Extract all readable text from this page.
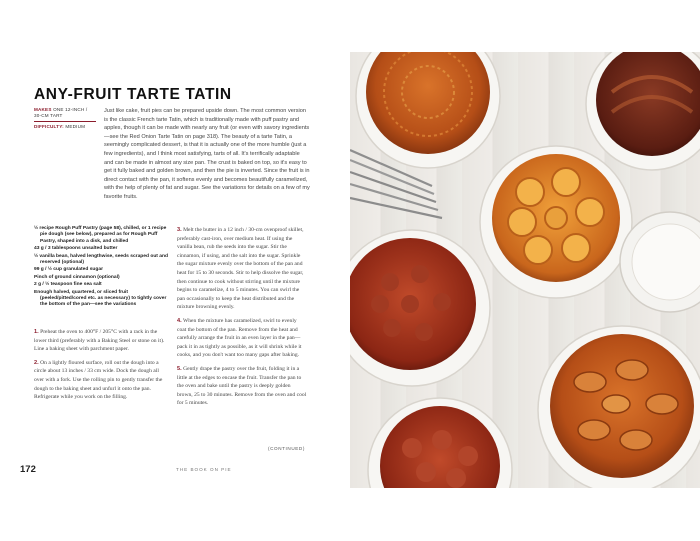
ANY-FRUIT TARTE TATIN
MAKES ONE 12-INCH / 30-CM TART
DIFFICULTY: MEDIUM
Just like cake, fruit pies can be prepared upside down. The most common version is the classic French tarte Tatin, which is traditionally made with puff pastry and apples, though it can be made with nearly any fruit (or even with savory ingredients—see the Red Onion Tarte Tatin on page 318). The beauty of a tarte Tatin, a seemingly complicated dessert, is that it is actually one of the more humble (just a few ingredients), and I think most satisfying, tarts of all. It's terrifically adaptable and can be made in almost any size pan. The crust is baked on top, so it's easy to get it fully baked and golden brown, and then the pie is inverted. Since the fruit is in direct contact with the pan, it softens evenly and becomes beautifully caramelized, with the help of plenty of fat and sugar. See the variations for details on a few of my favorite fruits.
½ recipe Rough Puff Pastry (page 58), chilled, or 1 recipe pie dough (see below), prepared as for Rough Puff Pastry, shaped into a disk, and chilled
43 g / 3 tablespoons unsalted butter
½ vanilla bean, halved lengthwise, seeds scraped out and reserved (optional)
99 g / ½ cup granulated sugar
Pinch of ground cinnamon (optional)
2 g / ½ teaspoon fine sea salt
Enough halved, quartered, or sliced fruit (peeled/pitted/cored etc. as necessary) to tightly cover the bottom of the pan—see the variations
1. Preheat the oven to 400°F / 205°C with a rack in the lower third (preferably with a Baking Steel or stone on it). Line a baking sheet with parchment paper.
2. On a lightly floured surface, roll out the dough into a circle about 13 inches / 33 cm wide. Dock the dough all over with a fork. Use the rolling pin to gently transfer the dough to the baking sheet and unfurl it onto the pan. Refrigerate while you work on the filling.
3. Melt the butter in a 12 inch / 30-cm ovenproof skillet, preferably cast-iron, over medium heat. If using the vanilla bean, rub the seeds into the sugar. Stir the cinnamon, if using, and the salt into the sugar. Sprinkle the sugar mixture evenly over the bottom of the pan and heat for 15 to 30 seconds. Stir to help dissolve the sugar, then continue to cook without stirring until the mixture begins to caramelize, 4 to 5 minutes. You can swirl the pan occasionally to keep the heat distributed and the mixture browning evenly.
4. When the mixture has caramelized, swirl to evenly coat the bottom of the pan. Remove from the heat and carefully arrange the fruit in an even layer in the pan—pack it in as tightly as possible, as it will shrink while it cooks, and you don't want too many gaps after baking.
5. Gently drape the pastry over the fruit, folding it in a little at the edges to encase the fruit. Transfer the pan to the oven and bake until the pastry is deeply golden brown, 25 to 30 minutes. Remove from the oven and cool for 5 minutes.
(CONTINUED)
172	THE BOOK ON PIE
